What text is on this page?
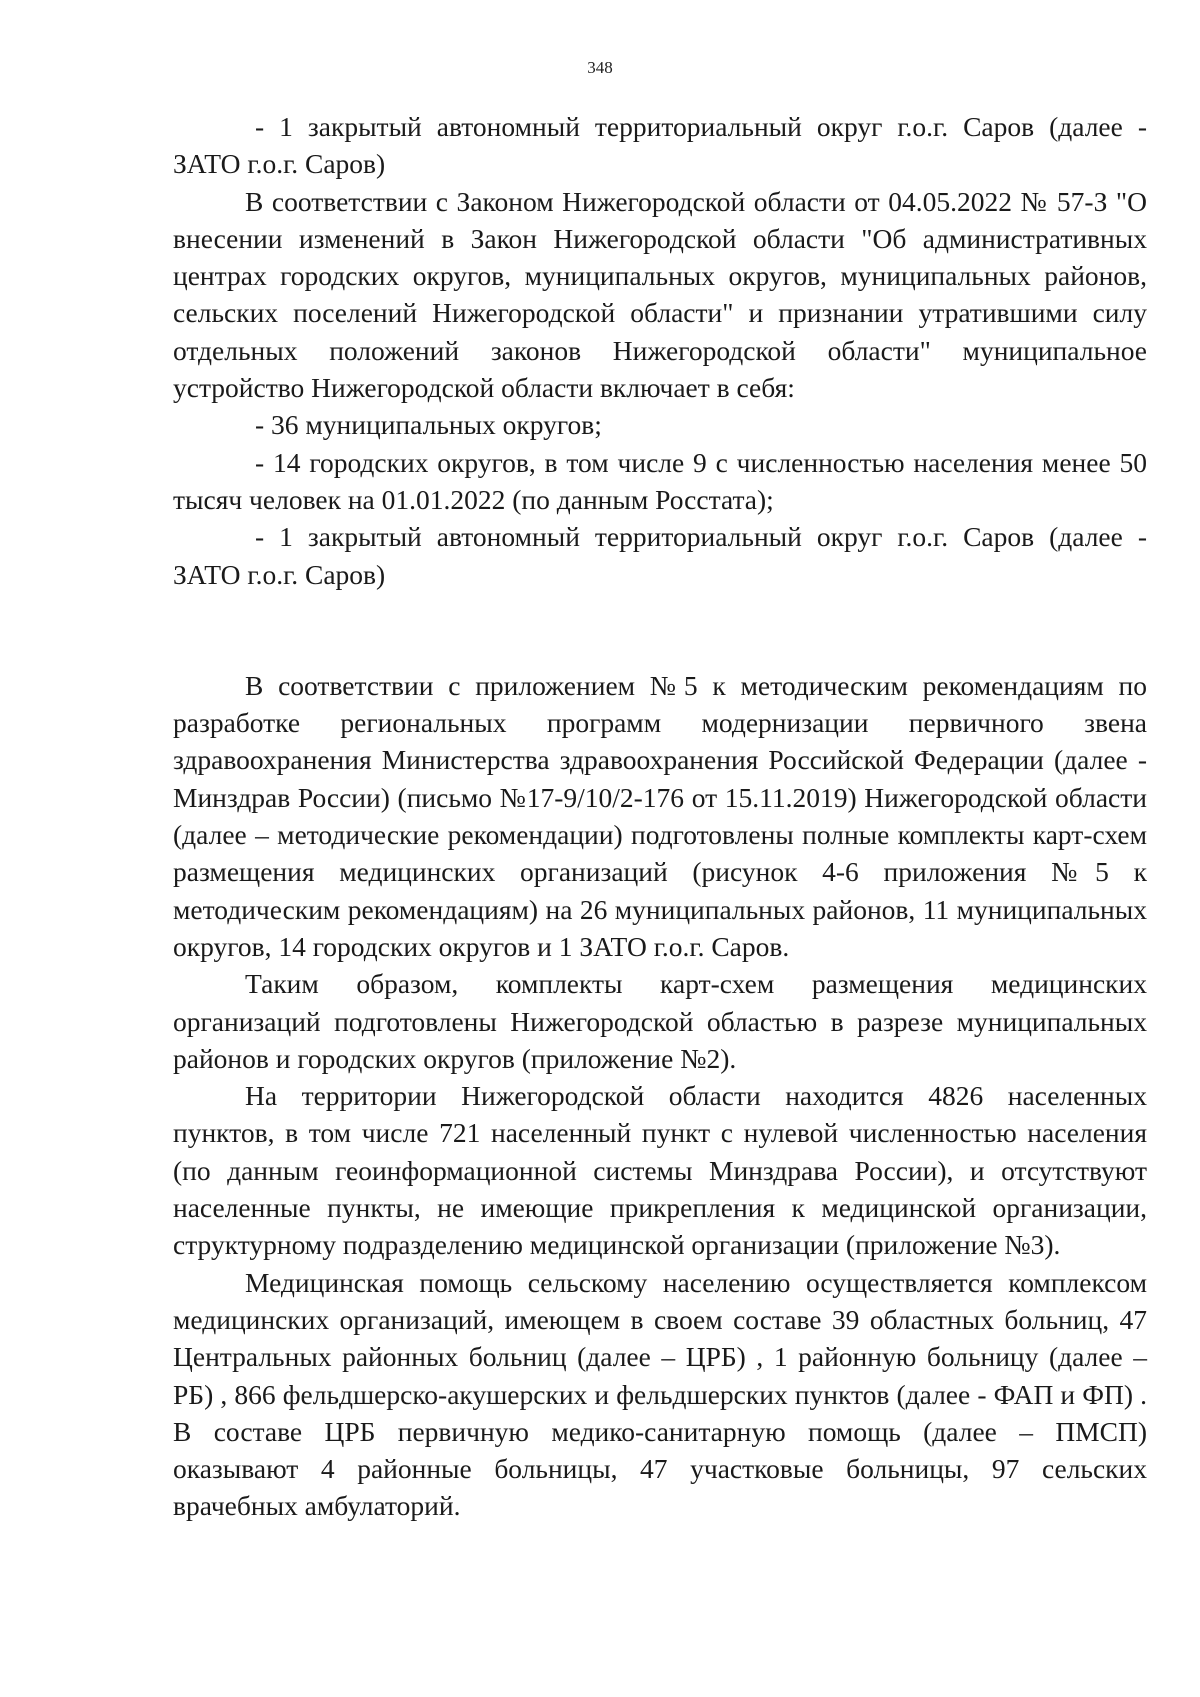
348

- 1 закрытый автономный территориальный округ г.о.г. Саров (далее - ЗАТО г.о.г. Саров)

В соответствии с Законом Нижегородской области от 04.05.2022 № 57-З "О внесении изменений в Закон Нижегородской области "Об административных центрах городских округов, муниципальных округов, муниципальных районов, сельских поселений Нижегородской области" и признании утратившими силу отдельных положений законов Нижегородской области" муниципальное устройство Нижегородской области включает в себя:

- 36 муниципальных округов;

- 14 городских округов, в том числе 9 с численностью населения менее 50 тысяч человек на 01.01.2022 (по данным Росстата);

- 1 закрытый автономный территориальный округ г.о.г. Саров (далее - ЗАТО г.о.г. Саров)

В соответствии с приложением №5 к методическим рекомендациям по разработке региональных программ модернизации первичного звена здравоохранения Министерства здравоохранения Российской Федерации (далее - Минздрав России) (письмо №17-9/10/2-176 от 15.11.2019) Нижегородской области (далее – методические рекомендации) подготовлены полные комплекты карт-схем размещения медицинских организаций (рисунок 4-6 приложения №5 к методическим рекомендациям) на 26 муниципальных районов, 11 муниципальных округов, 14 городских округов и 1 ЗАТО г.о.г. Саров.

Таким образом, комплекты карт-схем размещения медицинских организаций подготовлены Нижегородской областью в разрезе муниципальных районов и городских округов (приложение №2).

На территории Нижегородской области находится 4826 населенных пунктов, в том числе 721 населенный пункт с нулевой численностью населения (по данным геоинформационной системы Минздрава России), и отсутствуют населенные пункты, не имеющие прикрепления к медицинской организации, структурному подразделению медицинской организации (приложение №3).

Медицинская помощь сельскому населению осуществляется комплексом медицинских организаций, имеющем в своем составе 39 областных больниц, 47 Центральных районных больниц (далее – ЦРБ) , 1 районную больницу (далее – РБ) , 866 фельдшерско-акушерских и фельдшерских пунктов (далее - ФАП и ФП) . В составе ЦРБ первичную медико-санитарную помощь (далее – ПМСП) оказывают 4 районные больницы, 47 участковые больницы, 97 сельских врачебных амбулаторий.
